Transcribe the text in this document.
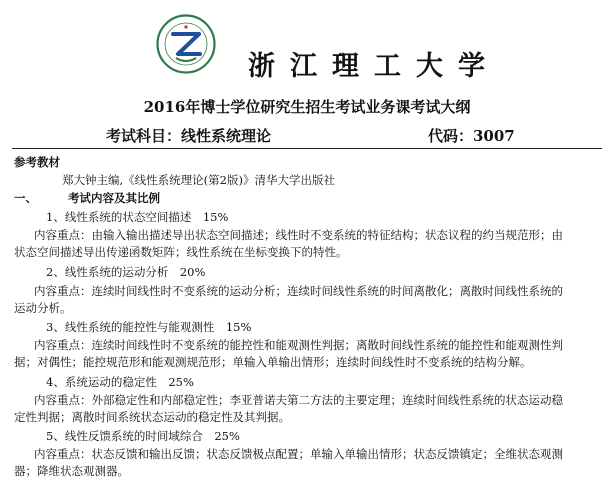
浙江理工大学
2016年博士学位研究生招生考试业务课考试大纲
考试科目：线性系统理论	代码：3007
参考教材
郑大钟主编,《线性系统理论(第2版)》清华大学出版社
一、	考试内容及其比例
1、线性系统的状态空间描述　15%
内容重点：由输入输出描述导出状态空间描述；线性时不变系统的特征结构；状态议程的约当规范形；由
状态空间描述导出传递函数矩阵；线性系统在坐标变换下的特性。
2、线性系统的运动分析　20%
内容重点：连续时间线性时不变系统的运动分析；连续时间线性系统的时间离散化；离散时间线性系统的
运动分析。
3、线性系统的能控性与能观测性　15%
内容重点：连续时间线性时不变系统的能控性和能观测性判据；离散时间线性系统的能控性和能观测性判
据；对偶性；能控规范形和能观测规范形；单输入单输出情形；连续时间线性时不变系统的结构分解。
4、系统运动的稳定性　25%
内容重点：外部稳定性和内部稳定性；李亚普诺夫第二方法的主要定理；连续时间线性系统的状态运动稳
定性判据；离散时间系统状态运动的稳定性及其判据。
5、线性反馈系统的时间域综合　25%
内容重点：状态反馈和输出反馈；状态反馈极点配置；单输入单输出情形；状态反馈镇定；全维状态观测
器；降维状态观测器。
